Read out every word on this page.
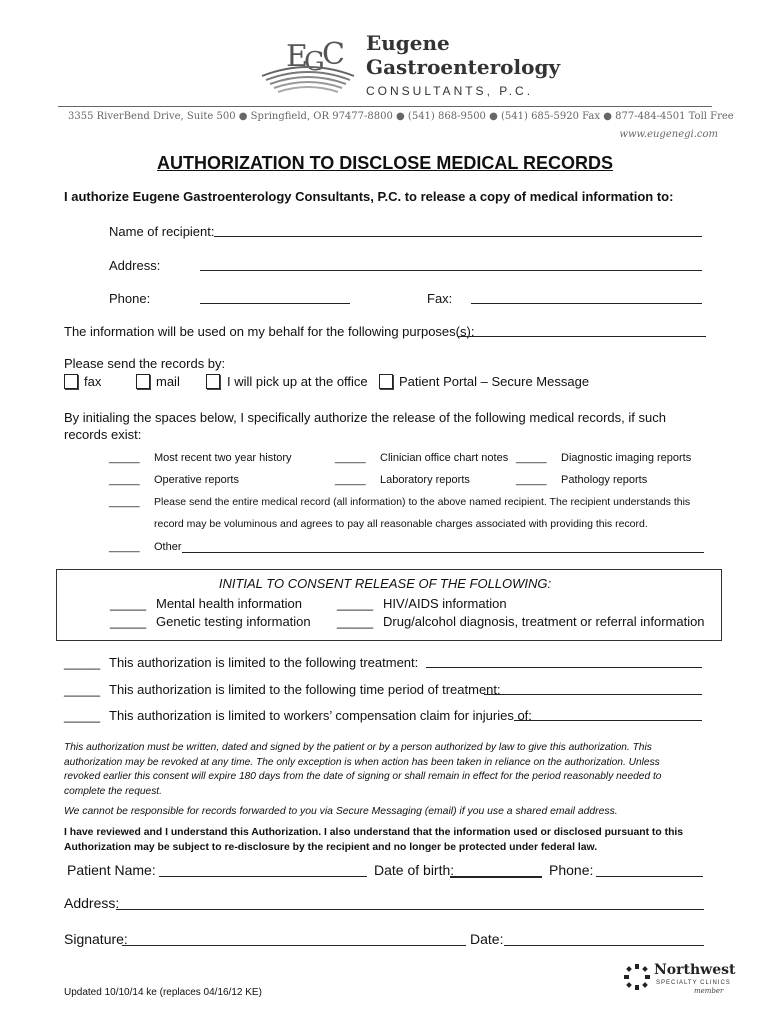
E
G
C Eugene
Gastroenterology
CONSULTANTS, P.C.
3355 RiverBend Drive, Suite 500 ● Springfield, OR 97477-8800 ● (541) 868-9500 ● (541) 685-5920 Fax ● 877-484-4501 Toll Free
www.eugenegi.com
AUTHORIZATION TO DISCLOSE MEDICAL RECORDS
I authorize Eugene Gastroenterology Consultants, P.C. to release a copy of medical information to:
Name of recipient:
Address:
Phone:	Fax:
The information will be used on my behalf for the following purposes(s):
Please send the records by:
fax	mail	I will pick up at the office Patient Portal – Secure Message
By initialing the spaces below, I specifically authorize the release of the following medical records, if such records exist:
_____ Most recent two year history	_____ Clinician office chart notes _____ Diagnostic imaging reports
_____ Operative reports	_____ Laboratory reports	_____ Pathology reports
_____ Please send the entire medical record (all information) to the above named recipient. The recipient understands this
record may be voluminous and agrees to pay all reasonable charges associated with providing this record.
_____ Other
INITIAL TO CONSENT RELEASE OF THE FOLLOWING:
_____ Mental health information	_____ HIV/AIDS information
_____ Genetic testing information _____ Drug/alcohol diagnosis, treatment or referral information
_____ This authorization is limited to the following treatment:
_____ This authorization is limited to the following time period of treatment:
_____ This authorization is limited to workers’ compensation claim for injuries of:
This authorization must be written, dated and signed by the patient or by a person authorized by law to give this authorization. This
authorization may be revoked at any time. The only exception is when action has been taken in reliance on the authorization. Unless
revoked earlier this consent will expire 180 days from the date of signing or shall remain in effect for the period reasonably needed to
complete the request.
We cannot be responsible for records forwarded to you via Secure Messaging (email) if you use a shared email address.
I have reviewed and I understand this Authorization. I also understand that the information used or disclosed pursuant to this
Authorization may be subject to re-disclosure by the recipient and no longer be protected under federal law.
Patient Name:	Date of birth:	Phone:
Address:
Signature:	Date:
Updated 10/10/14 ke (replaces 04/16/12 KE)
Northwest
SPECIALTY CLINICS
member
